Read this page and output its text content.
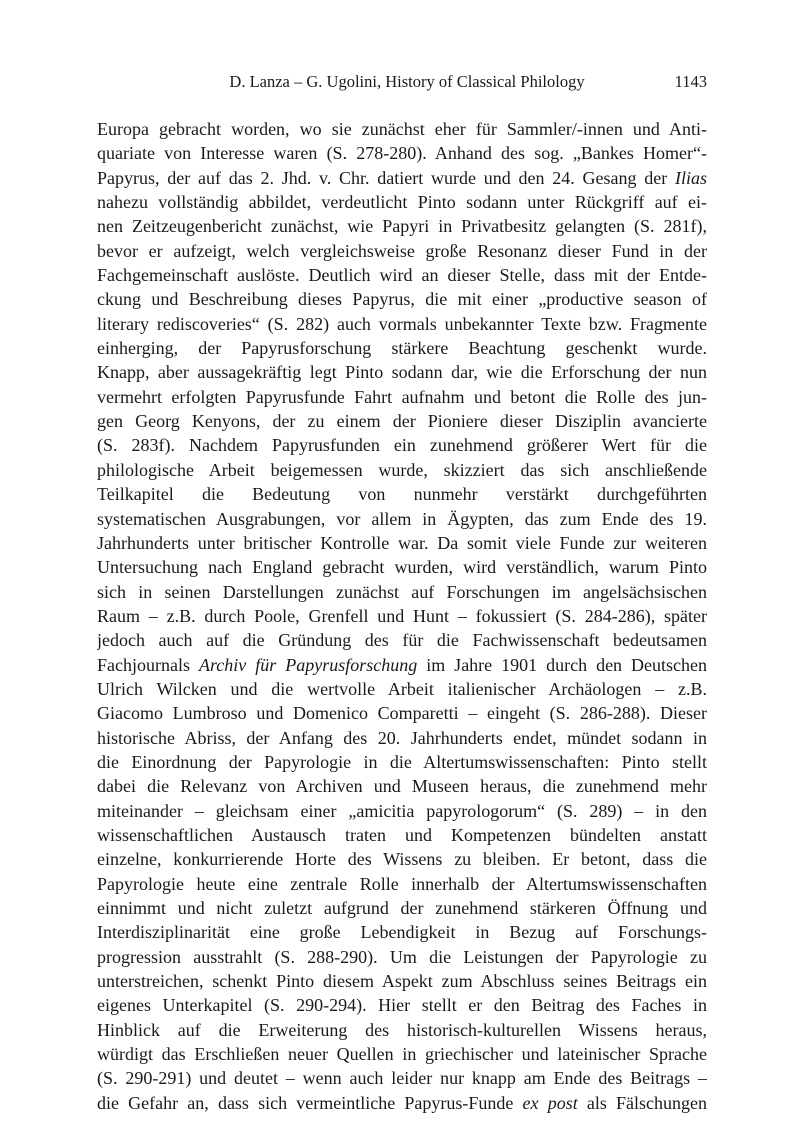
D. Lanza – G. Ugolini, History of Classical Philology	1143
Europa gebracht worden, wo sie zunächst eher für Sammler/-innen und Anti-
quariate von Interesse waren (S. 278-280). Anhand des sog. „Bankes Homer“-
Papyrus, der auf das 2. Jhd. v. Chr. datiert wurde und den 24. Gesang der Ilias
nahezu vollständig abbildet, verdeutlicht Pinto sodann unter Rückgriff auf ei-
nen Zeitzeugenbericht zunächst, wie Papyri in Privatbesitz gelangten (S. 281f),
bevor er aufzeigt, welch vergleichsweise große Resonanz dieser Fund in der
Fachgemeinschaft auslöste. Deutlich wird an dieser Stelle, dass mit der Entde-
ckung und Beschreibung dieses Papyrus, die mit einer „productive season of
literary rediscoveries“ (S. 282) auch vormals unbekannter Texte bzw. Fragmente
einherging, der Papyrusforschung stärkere Beachtung geschenkt wurde.
Knapp, aber aussagekräftig legt Pinto sodann dar, wie die Erforschung der nun
vermehrt erfolgten Papyrusfunde Fahrt aufnahm und betont die Rolle des jun-
gen Georg Kenyons, der zu einem der Pioniere dieser Disziplin avancierte
(S. 283f). Nachdem Papyrusfunden ein zunehmend größerer Wert für die
philologische Arbeit beigemessen wurde, skizziert das sich anschließende
Teilkapitel die Bedeutung von nunmehr verstärkt durchgeführten
systematischen Ausgrabungen, vor allem in Ägypten, das zum Ende des 19.
Jahrhunderts unter britischer Kontrolle war. Da somit viele Funde zur weiteren
Untersuchung nach England gebracht wurden, wird verständlich, warum Pinto
sich in seinen Darstellungen zunächst auf Forschungen im angelsächsischen
Raum – z.B. durch Poole, Grenfell und Hunt – fokussiert (S. 284-286), später
jedoch auch auf die Gründung des für die Fachwissenschaft bedeutsamen
Fachjournals Archiv für Papyrusforschung im Jahre 1901 durch den Deutschen
Ulrich Wilcken und die wertvolle Arbeit italienischer Archäologen – z.B.
Giacomo Lumbroso und Domenico Comparetti – eingeht (S. 286-288). Dieser
historische Abriss, der Anfang des 20. Jahrhunderts endet, mündet sodann in
die Einordnung der Papyrologie in die Altertumswissenschaften: Pinto stellt
dabei die Relevanz von Archiven und Museen heraus, die zunehmend mehr
miteinander – gleichsam einer „amicitia papyrologorum“ (S. 289) – in den
wissenschaftlichen Austausch traten und Kompetenzen bündelten anstatt
einzelne, konkurrierende Horte des Wissens zu bleiben. Er betont, dass die
Papyrologie heute eine zentrale Rolle innerhalb der Altertumswissenschaften
einnimmt und nicht zuletzt aufgrund der zunehmend stärkeren Öffnung und
Interdisziplinarität eine große Lebendigkeit in Bezug auf Forschungs-
progression ausstrahlt (S. 288-290). Um die Leistungen der Papyrologie zu
unterstreichen, schenkt Pinto diesem Aspekt zum Abschluss seines Beitrags ein
eigenes Unterkapitel (S. 290-294). Hier stellt er den Beitrag des Faches in
Hinblick auf die Erweiterung des historisch-kulturellen Wissens heraus,
würdigt das Erschließen neuer Quellen in griechischer und lateinischer Sprache
(S. 290-291) und deutet – wenn auch leider nur knapp am Ende des Beitrags –
die Gefahr an, dass sich vermeintliche Papyrus-Funde ex post als Fälschungen
